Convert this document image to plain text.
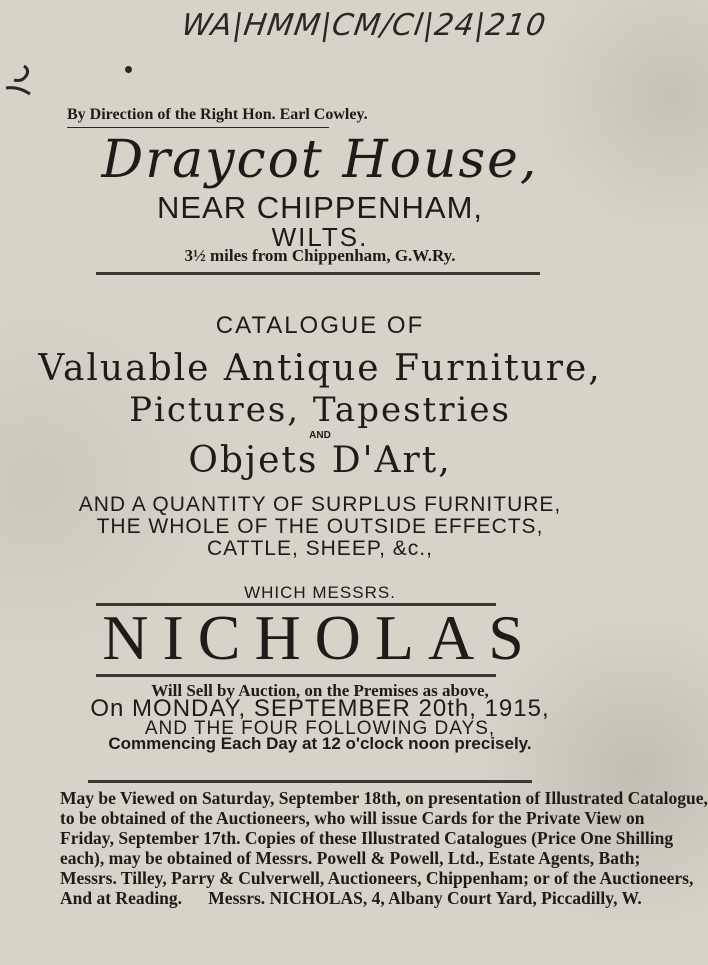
WA|HMM|CM/Cl|24|210
By Direction of the Right Hon. Earl Cowley.
Draycot House,
NEAR CHIPPENHAM,
WILTS.
3½ miles from Chippenham, G.W.Ry.
CATALOGUE OF
Valuable Antique Furniture,
Pictures, Tapestries
AND
Objets D'Art,
AND A QUANTITY OF SURPLUS FURNITURE,
THE WHOLE OF THE OUTSIDE EFFECTS,
CATTLE, SHEEP, &c.,
WHICH MESSRS.
NICHOLAS
Will Sell by Auction, on the Premises as above,
On MONDAY, SEPTEMBER 20th, 1915,
AND THE FOUR FOLLOWING DAYS,
Commencing Each Day at 12 o'clock noon precisely.
May be Viewed on Saturday, September 18th, on presentation of Illustrated Catalogue,
to be obtained of the Auctioneers, who will issue Cards for the Private View on
Friday, September 17th. Copies of these Illustrated Catalogues (Price One Shilling
each), may be obtained of Messrs. Powell & Powell, Ltd., Estate Agents, Bath;
Messrs. Tilley, Parry & Culverwell, Auctioneers, Chippenham; or of the Auctioneers,
And at Reading.      Messrs. NICHOLAS, 4, Albany Court Yard, Piccadilly, W.
